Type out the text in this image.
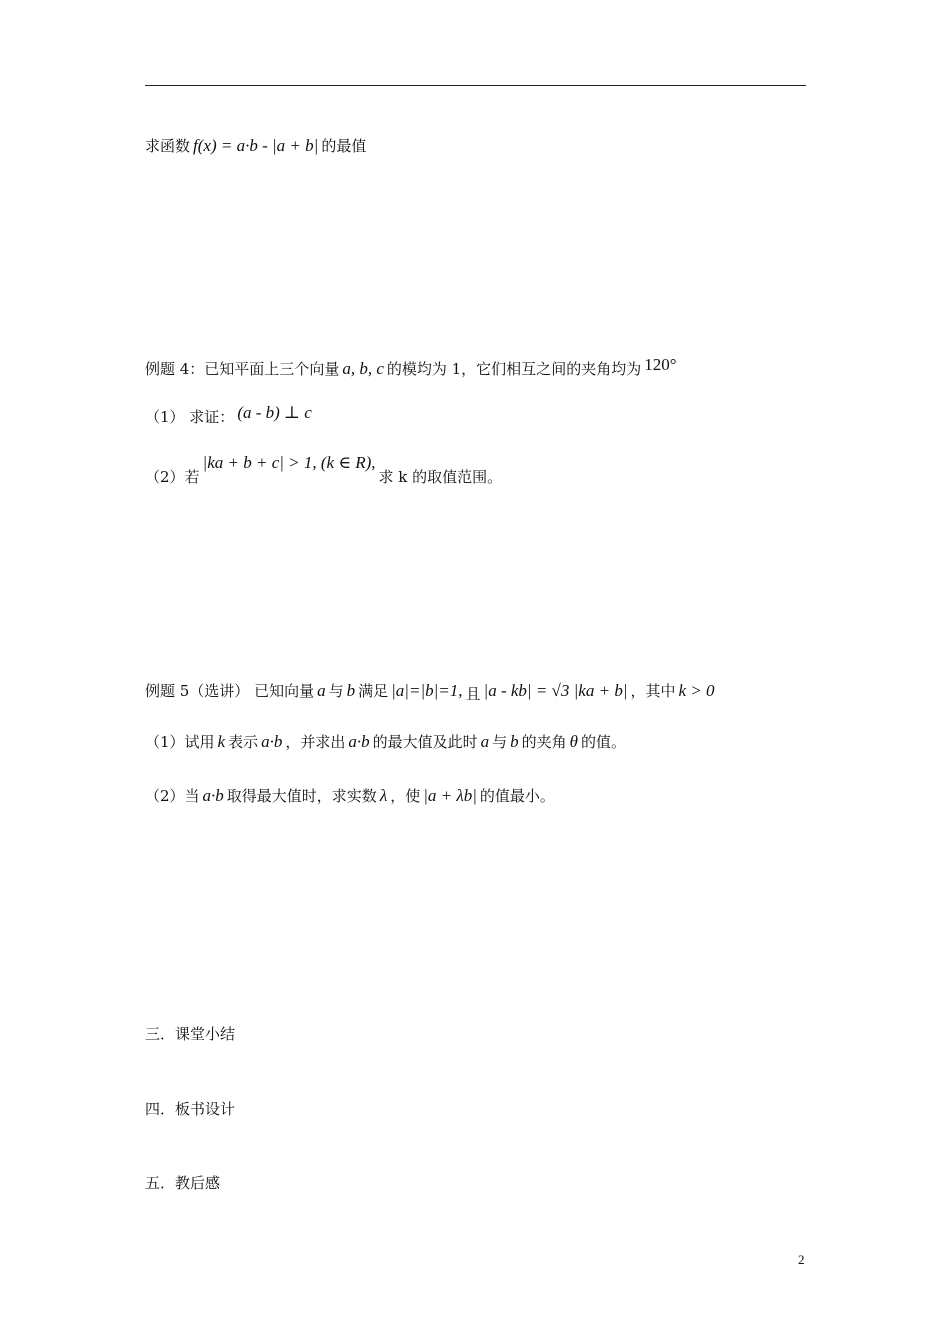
求函数 f(x) = a·b - |a + b| 的最值
例题 4：已知平面上三个向量 a, b, c 的模均为 1，它们相互之间的夹角均为 120°
（1） 求证： (a - b) ⊥ c
（2）若
|ka + b + c| > 1, (k ∈ R),
求 k 的取值范围。
例题 5（选讲） 已知向量 a 与 b 满足 |a|=|b|=1, 且 |a - kb| = √3 |ka + b| ，其中 k > 0
（1）试用 k 表示 a·b ，并求出 a·b 的最大值及此时 a 与 b 的夹角 θ 的值。
（2）当 a·b 取得最大值时，求实数 λ ，使 |a + λb| 的值最小。
三．课堂小结
四．板书设计
五．教后感
2
